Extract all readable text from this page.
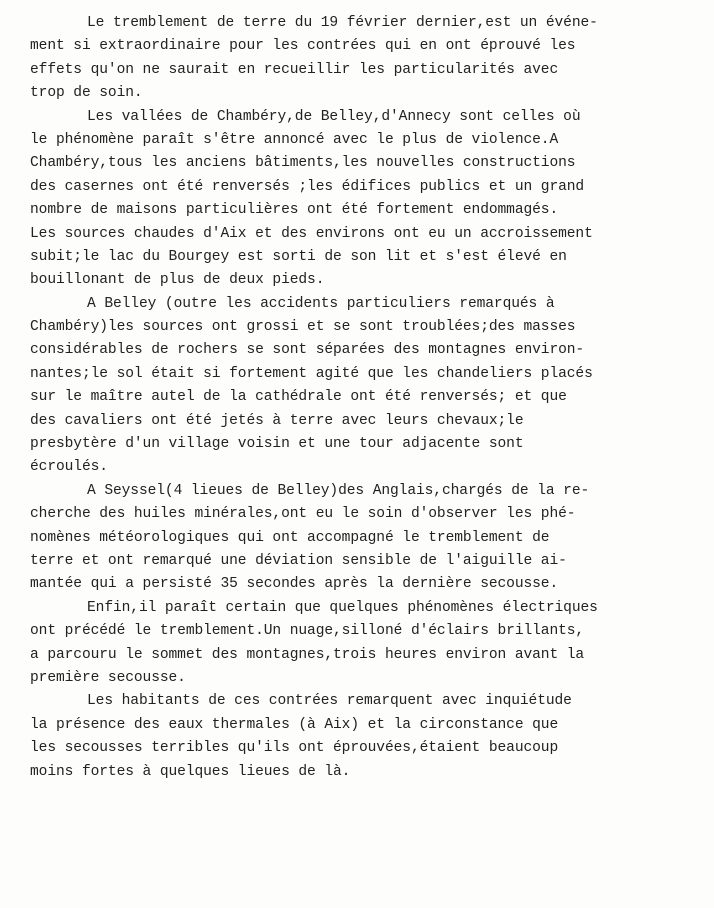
Le tremblement de terre du 19 février dernier,est un événe-
ment si extraordinaire pour les contrées qui en ont éprouvé les
effets qu'on ne saurait en recueillir les particularités avec
trop de soin.
Les vallées de Chambéry,de Belley,d'Annecy sont celles où
le phénomène paraît s'être annoncé avec le plus de violence.A
Chambéry,tous les anciens bâtiments,les nouvelles constructions
des casernes ont été renversés ;les édifices publics et un grand
nombre de maisons particulières ont été fortement endommagés.
Les sources chaudes d'Aix et des environs ont eu un accroissement
subit;le lac du Bourgey est sorti de son lit et s'est élevé en
bouillonant de plus de deux pieds.
A Belley (outre les accidents particuliers remarqués à
Chambéry)les sources ont grossi et se sont troublées;des masses
considérables de rochers se sont séparées des montagnes environ-
nantes;le sol était si fortement agité que les chandeliers placés
sur le maître autel de la cathédrale ont été renversés; et que
des cavaliers ont été jetés à terre avec leurs chevaux;le
presbytère d'un village voisin et une tour adjacente sont
écroulés.
A Seyssel(4 lieues de Belley)des Anglais,chargés de la re-
cherche des huiles minérales,ont eu le soin d'observer les phé-
nomènes météorologiques qui ont accompagné le tremblement de
terre et ont remarqué une déviation sensible de l'aiguille ai-
mantée qui a persisté 35 secondes après la dernière secousse.
Enfin,il paraît certain que quelques phénomènes électriques
ont précédé le tremblement.Un nuage,silloné d'éclairs brillants,
a parcouru le sommet des montagnes,trois heures environ avant la
première secousse.
Les habitants de ces contrées remarquent avec inquiétude
la présence des eaux thermales (à Aix) et la circonstance que
les secousses terribles qu'ils ont éprouvées,étaient beaucoup
moins fortes à quelques lieues de là.
